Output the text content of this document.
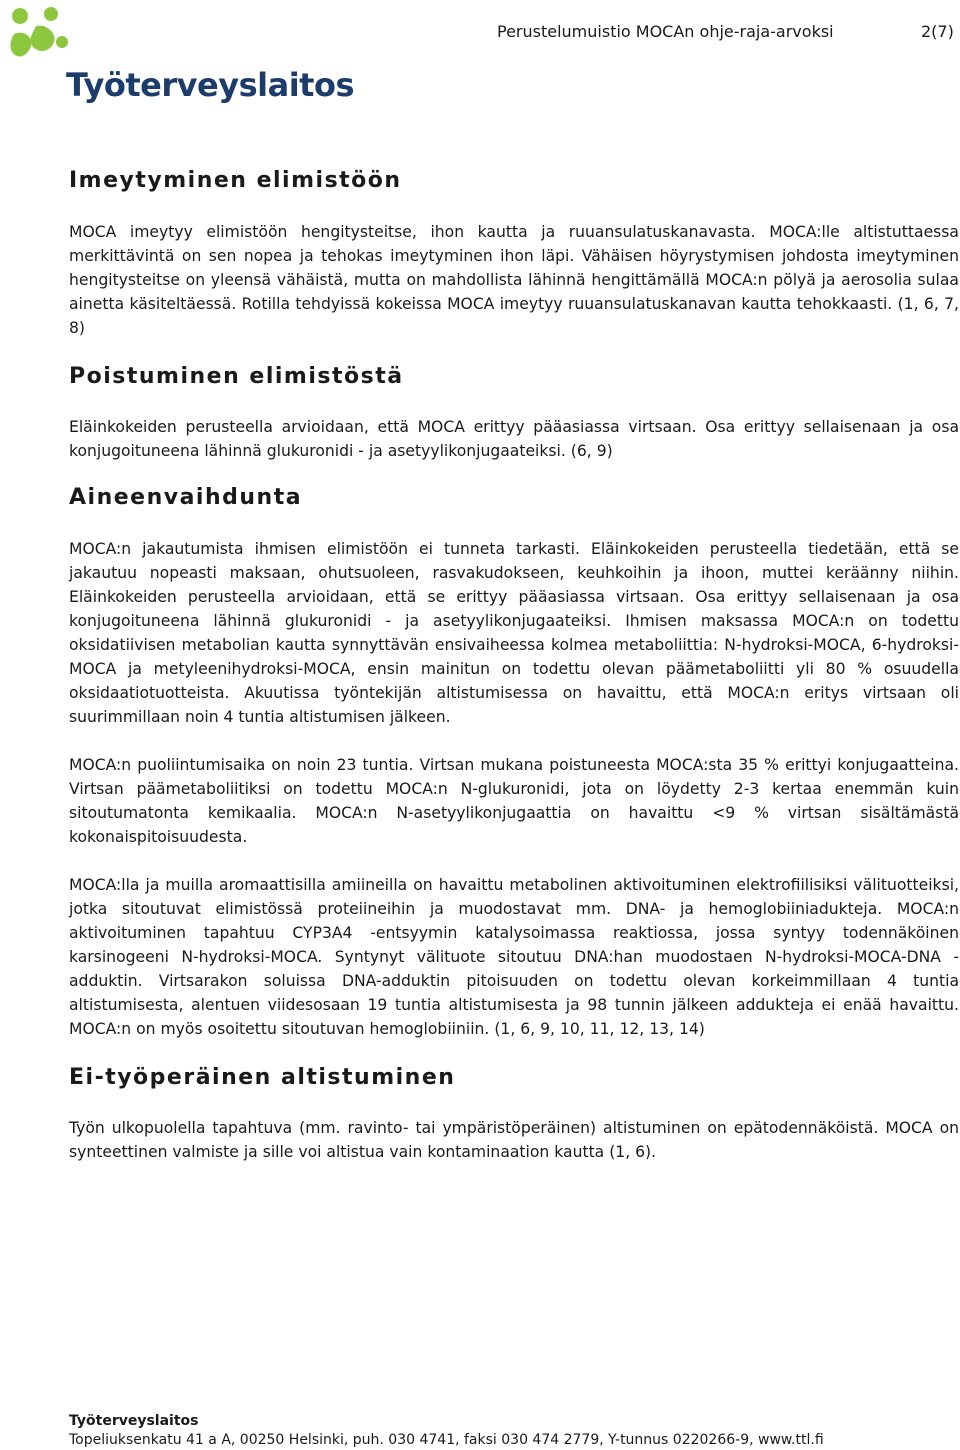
Työterveyslaitos
Perustelumuistio MOCAn ohje-raja-arvoksi	2(7)
Imeytyminen elimistöön

MOCA imeytyy elimistöön hengitysteitse, ihon kautta ja ruuansulatuskanavasta. MOCA:lle altistuttaessa merkittävintä on sen nopea ja tehokas imeytyminen ihon läpi. Vähäisen höyrystymisen johdosta imeytyminen hengitysteitse on yleensä vähäistä, mutta on mahdollista lähinnä hengittämällä MOCA:n pölyä ja aerosolia sulaa ainetta käsiteltäessä. Rotilla tehdyissä kokeissa MOCA imeytyy ruuansulatuskanavan kautta tehokkaasti. (1, 6, 7, 8)

Poistuminen elimistöstä

Eläinkokeiden perusteella arvioidaan, että MOCA erittyy pääasiassa virtsaan. Osa erittyy sellaisenaan ja osa konjugoituneena lähinnä glukuronidi - ja asetyylikonjugaateiksi. (6, 9)

Aineenvaihdunta

MOCA:n jakautumista ihmisen elimistöön ei tunneta tarkasti. Eläinkokeiden perusteella tiedetään, että se jakautuu nopeasti maksaan, ohutsuoleen, rasvakudokseen, keuhkoihin ja ihoon, muttei keräänny niihin. Eläinkokeiden perusteella arvioidaan, että se erittyy pääasiassa virtsaan. Osa erittyy sellaisenaan ja osa konjugoituneena lähinnä glukuronidi - ja asetyylikonjugaateiksi. Ihmisen maksassa MOCA:n on todettu oksidatiivisen metabolian kautta synnyttävän ensivaiheessa kolmea metaboliittia: N-hydroksi-MOCA, 6-hydroksi-MOCA ja metyleenihydroksi-MOCA, ensin mainitun on todettu olevan päämetaboliitti yli 80 % osuudella oksidaatiotuotteista. Akuutissa työntekijän altistumisessa on havaittu, että MOCA:n eritys virtsaan oli suurimmillaan noin 4 tuntia altistumisen jälkeen.

MOCA:n puoliintumisaika on noin 23 tuntia. Virtsan mukana poistuneesta MOCA:sta 35 % erittyi konjugaatteina. Virtsan päämetaboliitiksi on todettu MOCA:n N-glukuronidi, jota on löydetty 2-3 kertaa enemmän kuin sitoutumatonta kemikaalia. MOCA:n N-asetyylikonjugaattia on havaittu <9 % virtsan sisältämästä kokonaispitoisuudesta.

MOCA:lla ja muilla aromaattisilla amiineilla on havaittu metabolinen aktivoituminen elektrofiilisiksi välituotteiksi, jotka sitoutuvat elimistössä proteiineihin ja muodostavat mm. DNA- ja hemoglobiiniadukteja. MOCA:n aktivoituminen tapahtuu CYP3A4 -entsyymin katalysoimassa reaktiossa, jossa syntyy todennäköinen karsinogeeni N-hydroksi-MOCA. Syntynyt välituote sitoutuu DNA:han muodostaen N-hydroksi-MOCA-DNA -adduktin. Virtsarakon soluissa DNA-adduktin pitoisuuden on todettu olevan korkeimmillaan 4 tuntia altistumisesta, alentuen viidesosaan 19 tuntia altistumisesta ja 98 tunnin jälkeen addukteja ei enää havaittu. MOCA:n on myös osoitettu sitoutuvan hemoglobiiniin. (1, 6, 9, 10, 11, 12, 13, 14)

Ei-työperäinen altistuminen

Työn ulkopuolella tapahtuva (mm. ravinto- tai ympäristöperäinen) altistuminen on epätodennäköistä. MOCA on synteettinen valmiste ja sille voi altistua vain kontaminaation kautta (1, 6).

Työterveyslaitos
Topeliuksenkatu 41 a A, 00250 Helsinki, puh. 030 4741, faksi 030 474 2779, Y-tunnus 0220266-9, www.ttl.fi
